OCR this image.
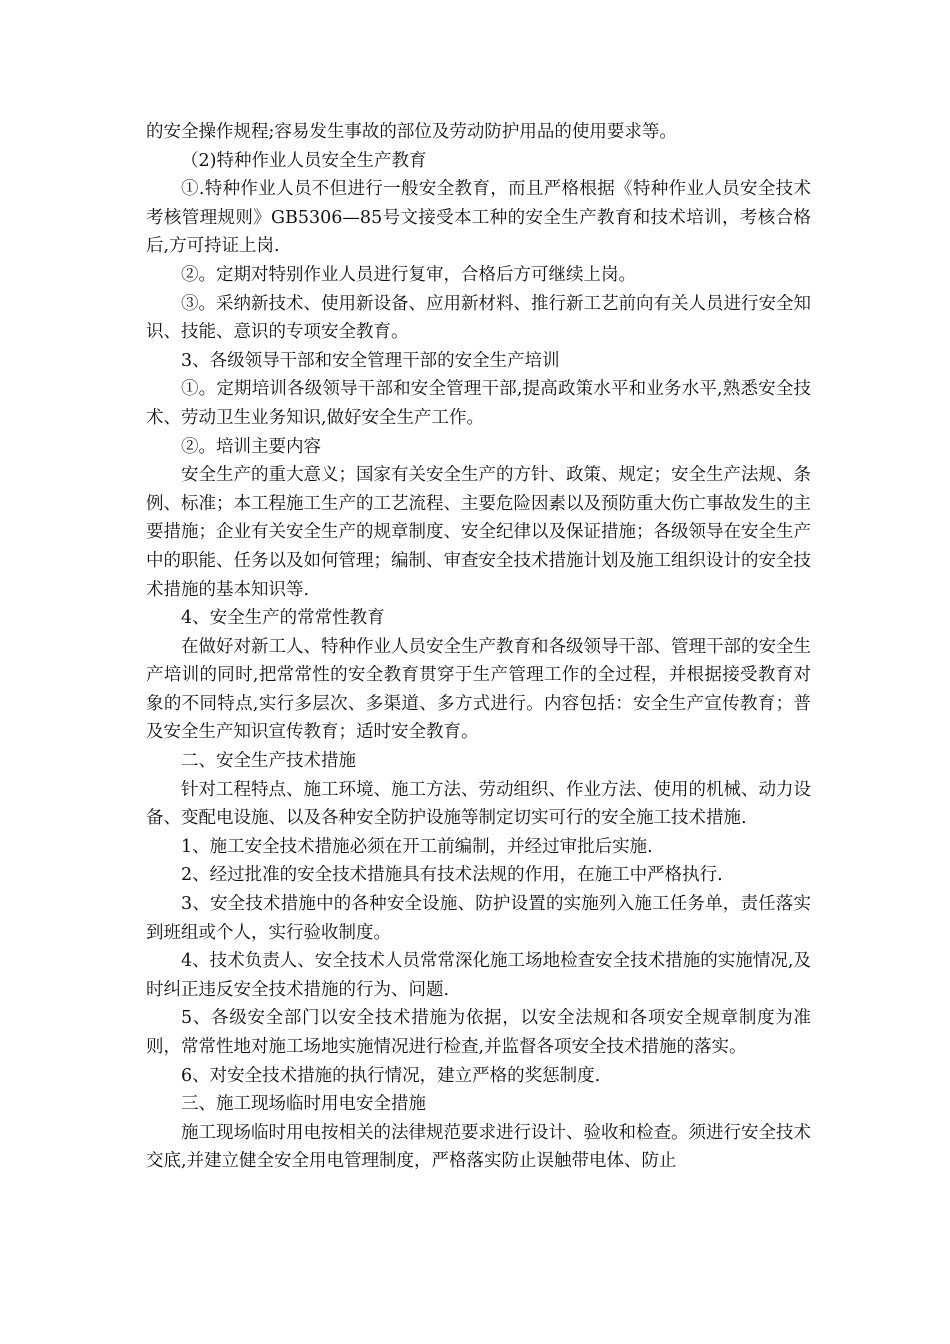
的安全操作规程;容易发生事故的部位及劳动防护用品的使用要求等。

（2)特种作业人员安全生产教育

①.特种作业人员不但进行一般安全教育，而且严格根据《特种作业人员安全技术考核管理规则》GB5306—85号文接受本工种的安全生产教育和技术培训，考核合格后,方可持证上岗.

②。定期对特别作业人员进行复审，合格后方可继续上岗。

③。采纳新技术、使用新设备、应用新材料、推行新工艺前向有关人员进行安全知识、技能、意识的专项安全教育。

3、各级领导干部和安全管理干部的安全生产培训

①。定期培训各级领导干部和安全管理干部,提高政策水平和业务水平,熟悉安全技术、劳动卫生业务知识,做好安全生产工作。

②。培训主要内容

安全生产的重大意义；国家有关安全生产的方针、政策、规定；安全生产法规、条例、标准；本工程施工生产的工艺流程、主要危险因素以及预防重大伤亡事故发生的主要措施；企业有关安全生产的规章制度、安全纪律以及保证措施；各级领导在安全生产中的职能、任务以及如何管理；编制、审查安全技术措施计划及施工组织设计的安全技术措施的基本知识等.

4、安全生产的常常性教育

在做好对新工人、特种作业人员安全生产教育和各级领导干部、管理干部的安全生产培训的同时,把常常性的安全教育贯穿于生产管理工作的全过程，并根据接受教育对象的不同特点,实行多层次、多渠道、多方式进行。内容包括：安全生产宣传教育；普及安全生产知识宣传教育；适时安全教育。

二、安全生产技术措施

针对工程特点、施工环境、施工方法、劳动组织、作业方法、使用的机械、动力设备、变配电设施、以及各种安全防护设施等制定切实可行的安全施工技术措施.

1、施工安全技术措施必须在开工前编制，并经过审批后实施.

2、经过批准的安全技术措施具有技术法规的作用，在施工中严格执行.

3、安全技术措施中的各种安全设施、防护设置的实施列入施工任务单，责任落实到班组或个人，实行验收制度。

4、技术负责人、安全技术人员常常深化施工场地检查安全技术措施的实施情况,及时纠正违反安全技术措施的行为、问题.

5、各级安全部门以安全技术措施为依据，以安全法规和各项安全规章制度为准则，常常性地对施工场地实施情况进行检查,并监督各项安全技术措施的落实。

6、对安全技术措施的执行情况，建立严格的奖惩制度.

三、施工现场临时用电安全措施

施工现场临时用电按相关的法律规范要求进行设计、验收和检查。须进行安全技术交底,并建立健全安全用电管理制度，严格落实防止误触带电体、防止
